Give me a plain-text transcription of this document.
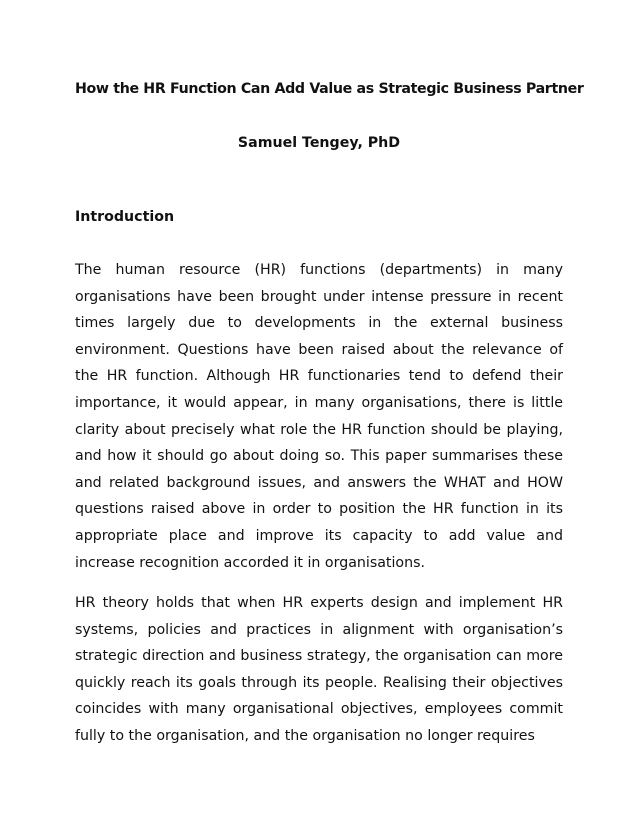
How the HR Function Can Add Value as Strategic Business Partner
Samuel Tengey, PhD
Introduction

The human resource (HR) functions (departments) in many organisations have been brought under intense pressure in recent times largely due to developments in the external business environment. Questions have been raised about the relevance of the HR function. Although HR functionaries tend to defend their importance, it would appear, in many organisations, there is little clarity about precisely what role the HR function should be playing, and how it should go about doing so. This paper summarises these and related background issues, and answers the WHAT and HOW questions raised above in order to position the HR function in its appropriate place and improve its capacity to add value and increase recognition accorded it in organisations.

HR theory holds that when HR experts design and implement HR systems, policies and practices in alignment with organisation’s strategic direction and business strategy, the organisation can more quickly reach its goals through its people. Realising their objectives coincides with many organisational objectives, employees commit fully to the organisation, and the organisation no longer requires
